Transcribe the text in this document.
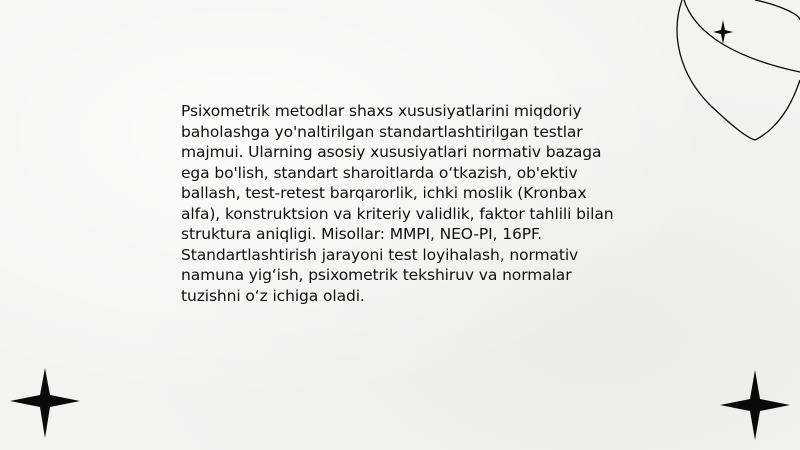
Psixometrik metodlar shaxs xususiyatlarini miqdoriy baholashga yo'naltirilgan standartlashtirilgan testlar majmui. Ularning asosiy xususiyatlari normativ bazaga ega bo'lish, standart sharoitlarda o‘tkazish, ob'ektiv ballash, test-retest barqarorlik, ichki moslik (Kronbax alfa), konstruktsion va kriteriy validlik, faktor tahlili bilan struktura aniqligi. Misollar: MMPI, NEO-PI, 16PF. Standartlashtirish jarayoni test loyihalash, normativ namuna yig‘ish, psixometrik tekshiruv va normalar tuzishni o‘z ichiga oladi.
